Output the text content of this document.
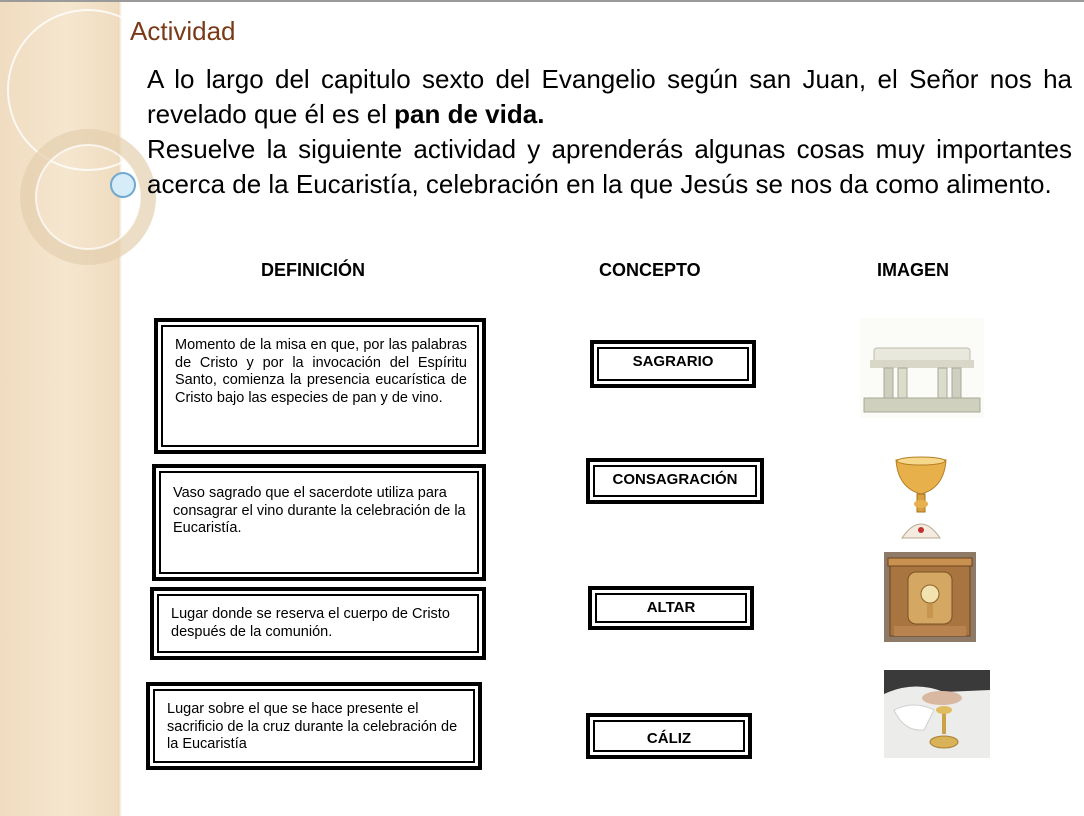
Actividad

A lo largo del capitulo sexto del Evangelio según san Juan, el Señor nos ha revelado que él es el pan de vida.

Resuelve la siguiente actividad y aprenderás algunas cosas muy importantes acerca de la Eucaristía, celebración en la que Jesús se nos da como alimento.

DEFINICIÓN	CONCEPTO	IMAGEN
Momento de la misa en que, por las palabras de Cristo y por la invocación del Espíritu Santo, comienza la presencia eucarística de Cristo bajo las especies de pan y de vino.
Vaso sagrado que el sacerdote utiliza para consagrar el vino durante la celebración de la Eucaristía.
Lugar donde se reserva el cuerpo de Cristo después de la comunión.
Lugar sobre el que se hace presente el sacrificio de la cruz durante la celebración de la Eucaristía
SAGRARIO
CONSAGRACIÓN
ALTAR
CÁLIZ
